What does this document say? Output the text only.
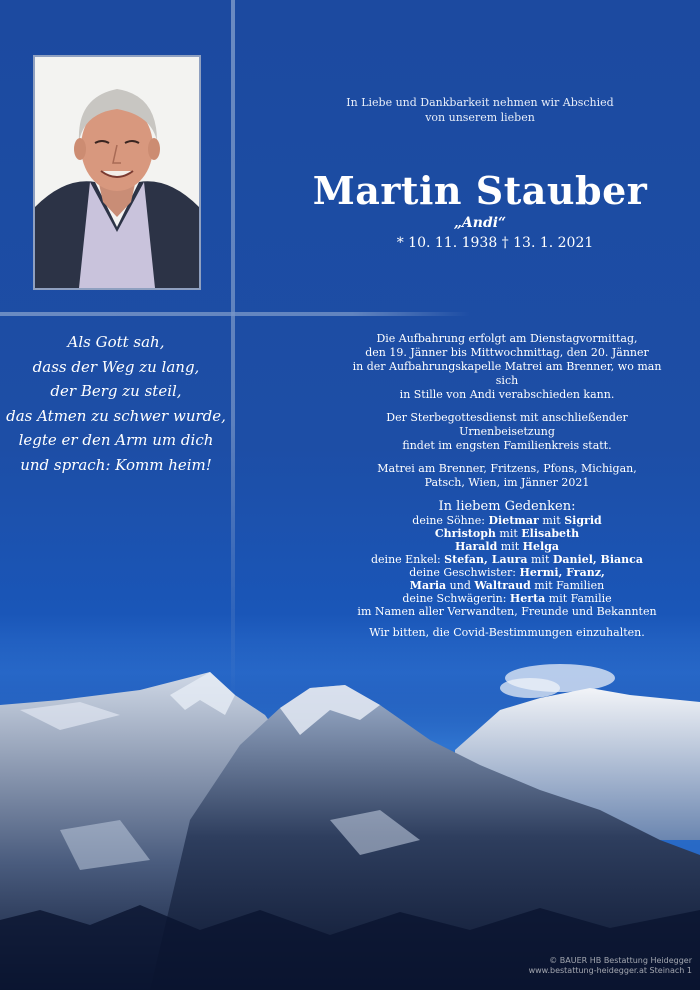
In Liebe und Dankbarkeit nehmen wir Abschied
von unserem lieben
Martin Stauber
„Andi“
* 10. 11. 1938 † 13. 1. 2021
Als Gott sah,
dass der Weg zu lang,
der Berg zu steil,
das Atmen zu schwer wurde,
legte er den Arm um dich
und sprach: Komm heim!

Die Aufbahrung erfolgt am Dienstagvormittag,
den 19. Jänner bis Mittwochmittag, den 20. Jänner
in der Aufbahrungskapelle Matrei am Brenner, wo man sich
in Stille von Andi verabschieden kann.

Der Sterbegottesdienst mit anschließender Urnenbeisetzung
findet im engsten Familienkreis statt.

Matrei am Brenner, Fritzens, Pfons, Michigan,
Patsch, Wien, im Jänner 2021

In liebem Gedenken:
deine Söhne: Dietmar mit Sigrid
Christoph mit Elisabeth
Harald mit Helga
deine Enkel: Stefan, Laura mit Daniel, Bianca
deine Geschwister: Hermi, Franz,
Maria und Waltraud mit Familien
deine Schwägerin: Herta mit Familie
im Namen aller Verwandten, Freunde und Bekannten
Wir bitten, die Covid-Bestimmungen einzuhalten.
© BAUER HB Bestattung Heidegger
www.bestattung-heidegger.at Steinach 1
